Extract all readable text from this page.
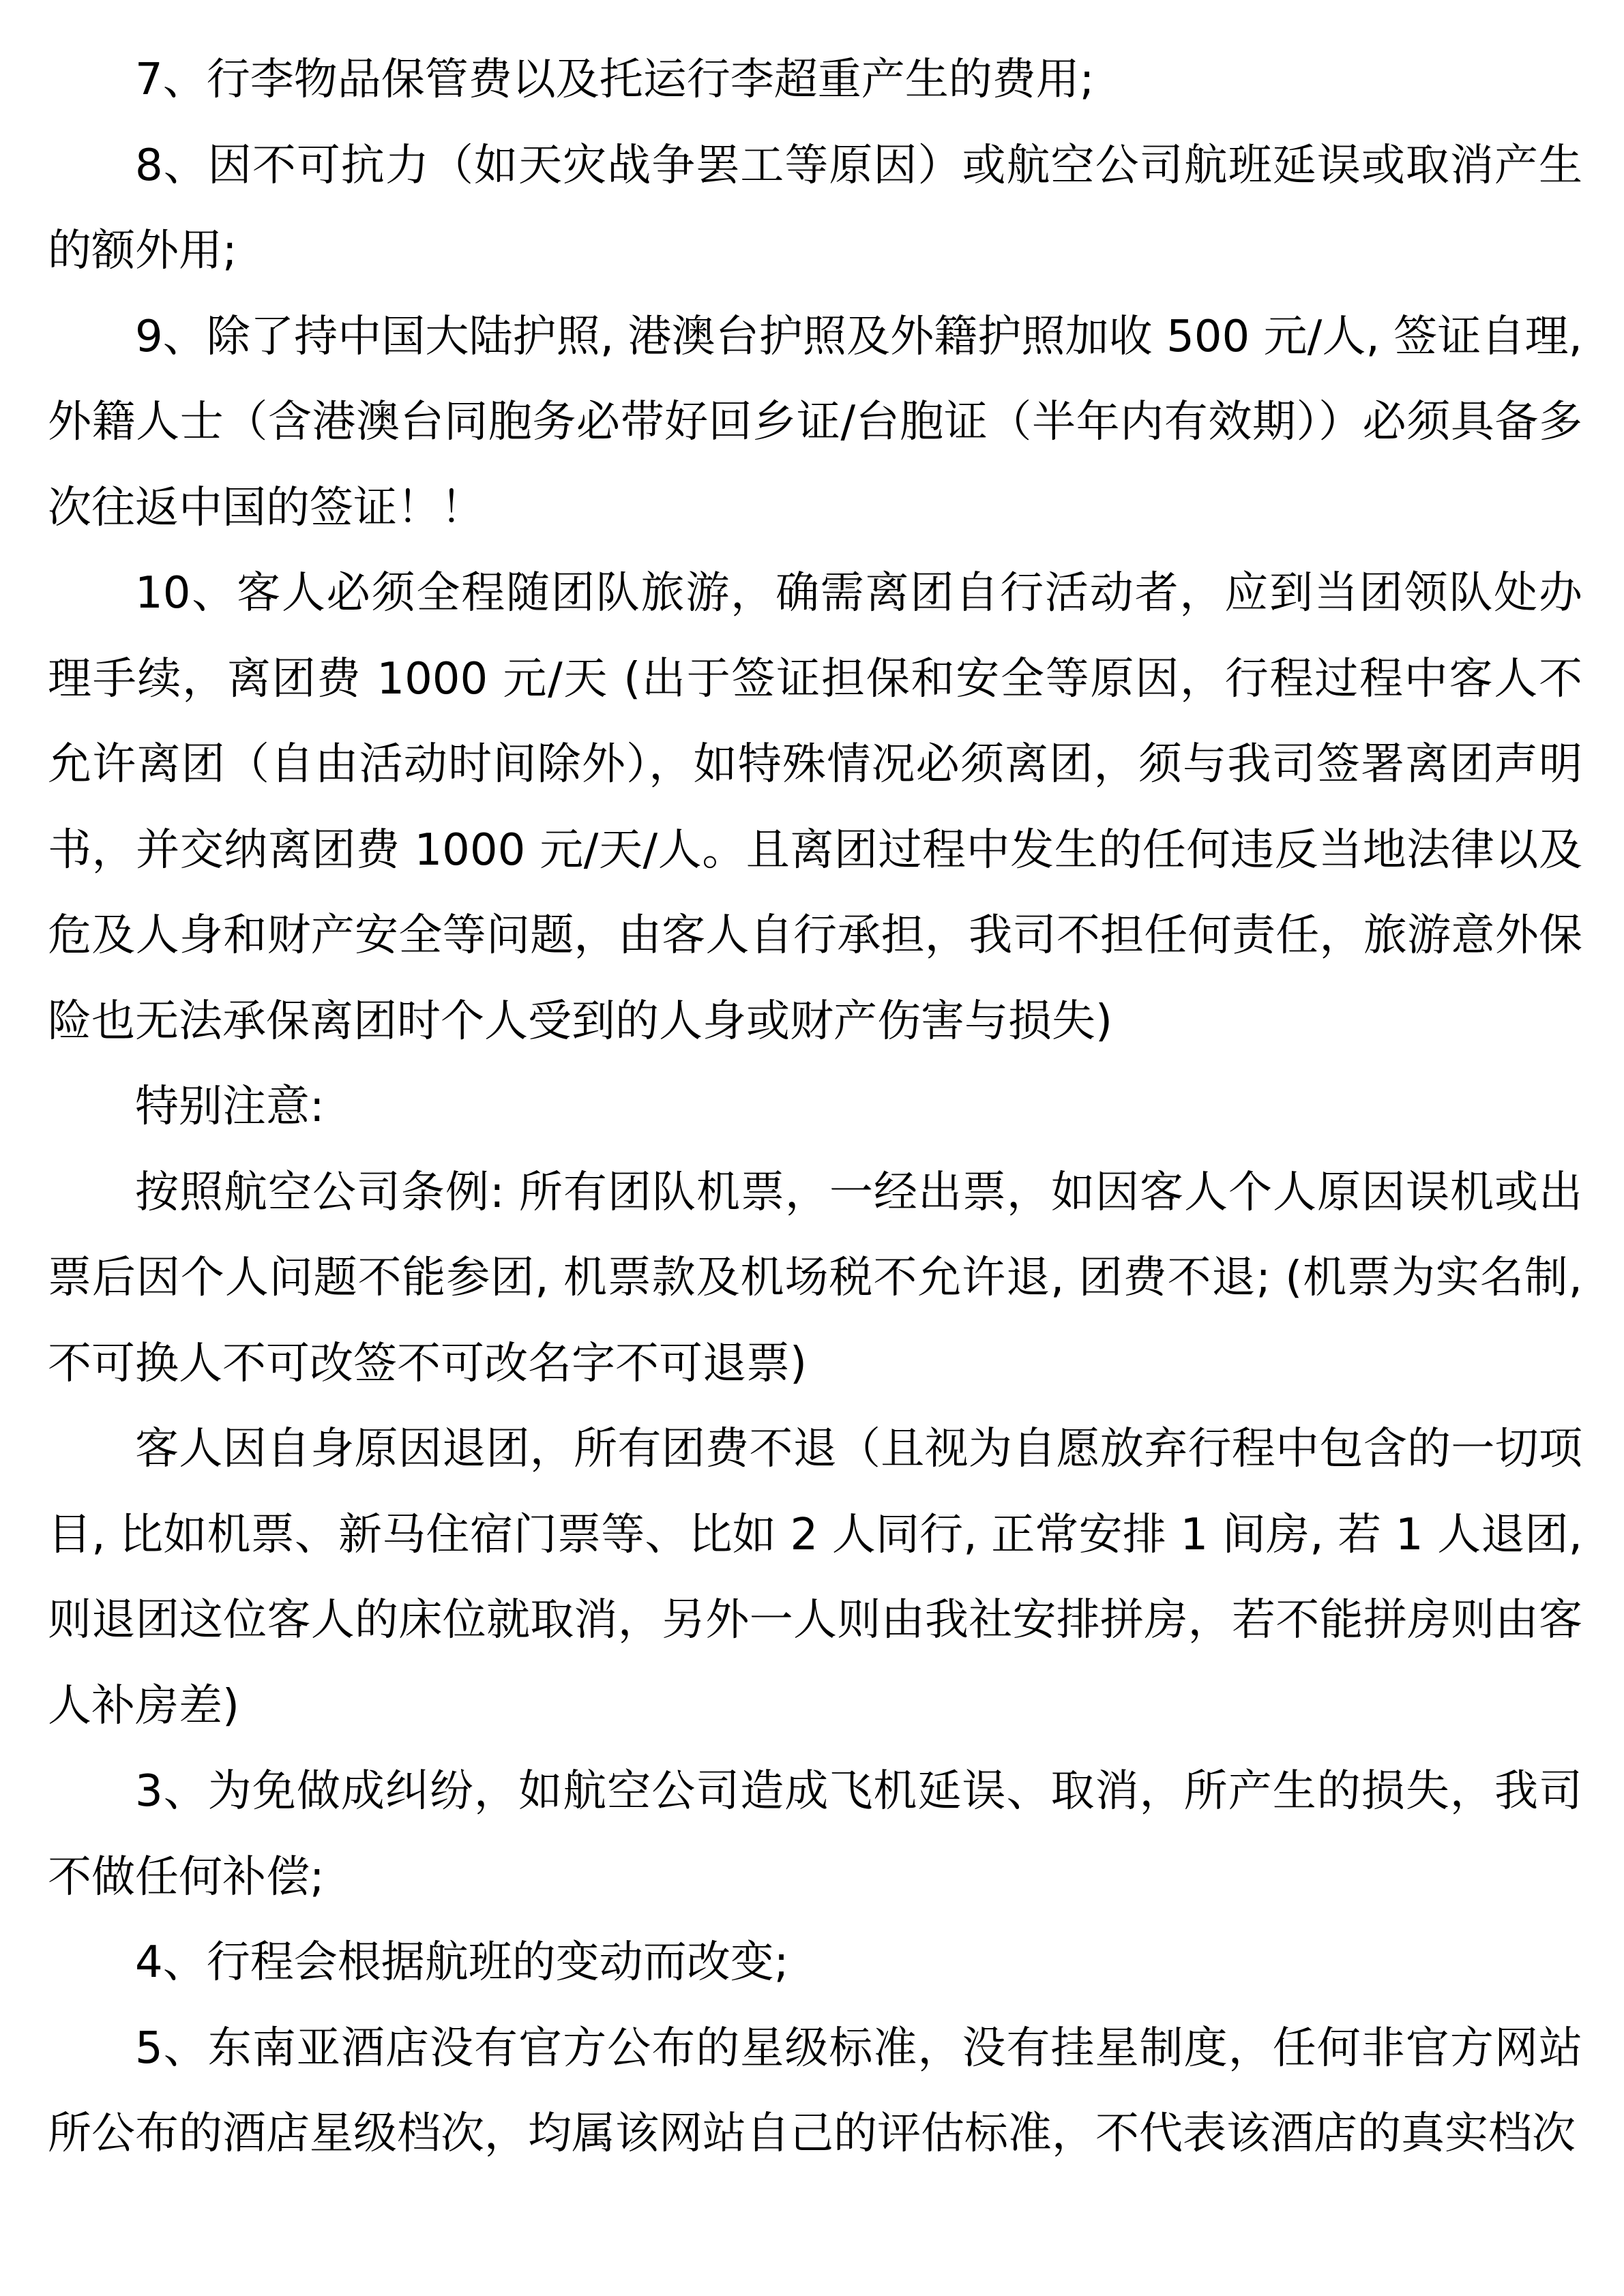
7、行李物品保管费以及托运行李超重产生的费用;

8、因不可抗力（如天灾战争罢工等原因）或航空公司航班延误或取消产生的额外用;

9、除了持中国大陆护照, 港澳台护照及外籍护照加收 500 元/人, 签证自理, 外籍人士（含港澳台同胞务必带好回乡证/台胞证（半年内有效期））必须具备多次往返中国的签证！！

10、客人必须全程随团队旅游，确需离团自行活动者，应到当团领队处办理手续，离团费 1000 元/天 (出于签证担保和安全等原因，行程过程中客人不允许离团（自由活动时间除外），如特殊情况必须离团，须与我司签署离团声明书，并交纳离团费 1000 元/天/人。且离团过程中发生的任何违反当地法律以及危及人身和财产安全等问题，由客人自行承担，我司不担任何责任，旅游意外保险也无法承保离团时个人受到的人身或财产伤害与损失)

特别注意:

按照航空公司条例: 所有团队机票，一经出票，如因客人个人原因误机或出票后因个人问题不能参团, 机票款及机场税不允许退, 团费不退; (机票为实名制, 不可换人不可改签不可改名字不可退票)

客人因自身原因退团，所有团费不退（且视为自愿放弃行程中包含的一切项目, 比如机票、新马住宿门票等、比如 2 人同行, 正常安排 1 间房, 若 1 人退团, 则退团这位客人的床位就取消，另外一人则由我社安排拼房，若不能拼房则由客人补房差)

3、为免做成纠纷，如航空公司造成飞机延误、取消，所产生的损失，我司不做任何补偿;

4、行程会根据航班的变动而改变;

5、东南亚酒店没有官方公布的星级标准，没有挂星制度，任何非官方网站所公布的酒店星级档次，均属该网站自己的评估标准，不代表该酒店的真实档次
